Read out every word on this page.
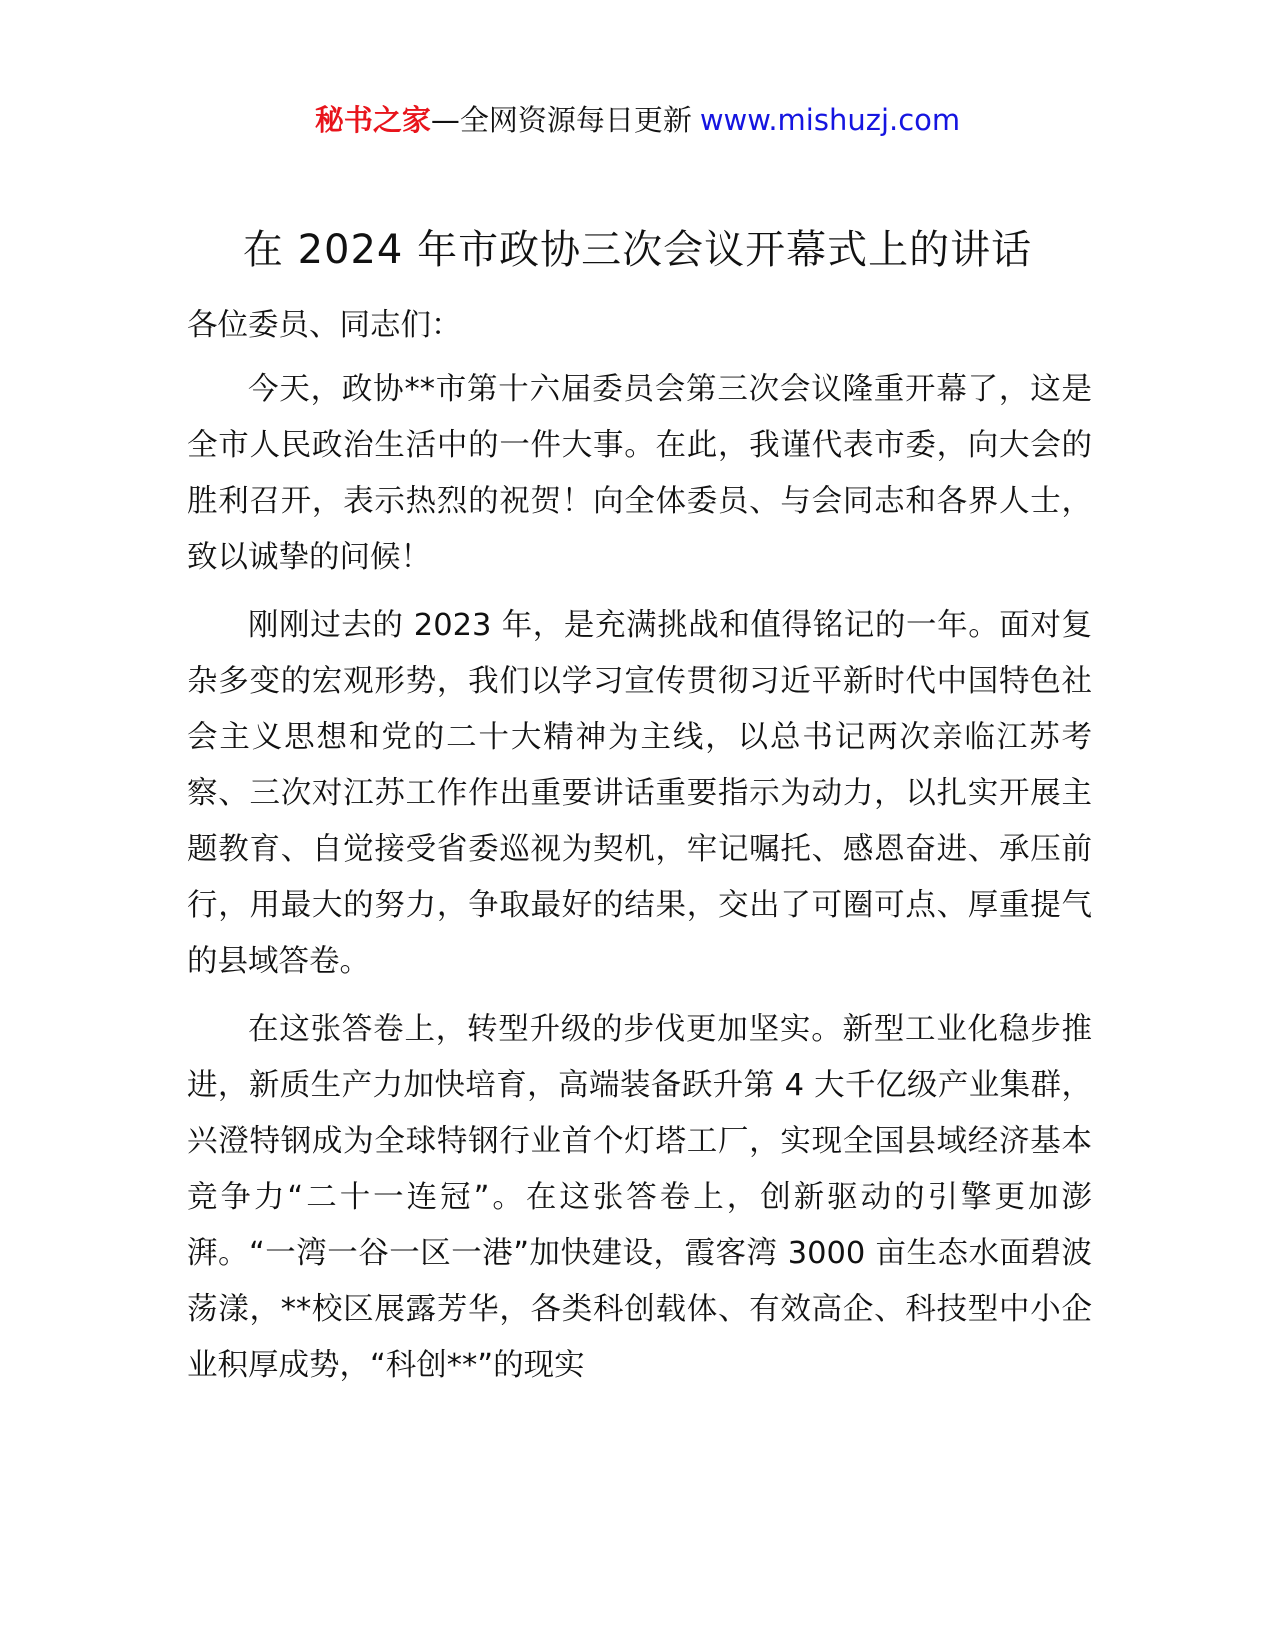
秘书之家—全网资源每日更新 www.mishuzj.com
在 2024 年市政协三次会议开幕式上的讲话

各位委员、同志们：

今天，政协**市第十六届委员会第三次会议隆重开幕了，这是全市人民政治生活中的一件大事。在此，我谨代表市委，向大会的胜利召开，表示热烈的祝贺！向全体委员、与会同志和各界人士，致以诚挚的问候！

刚刚过去的 2023 年，是充满挑战和值得铭记的一年。面对复杂多变的宏观形势，我们以学习宣传贯彻习近平新时代中国特色社会主义思想和党的二十大精神为主线，以总书记两次亲临江苏考察、三次对江苏工作作出重要讲话重要指示为动力，以扎实开展主题教育、自觉接受省委巡视为契机，牢记嘱托、感恩奋进、承压前行，用最大的努力，争取最好的结果，交出了可圈可点、厚重提气的县域答卷。

在这张答卷上，转型升级的步伐更加坚实。新型工业化稳步推进，新质生产力加快培育，高端装备跃升第 4 大千亿级产业集群，兴澄特钢成为全球特钢行业首个灯塔工厂，实现全国县域经济基本竞争力“二十一连冠”。在这张答卷上，创新驱动的引擎更加澎湃。“一湾一谷一区一港”加快建设，霞客湾 3000 亩生态水面碧波荡漾，**校区展露芳华，各类科创载体、有效高企、科技型中小企业积厚成势，“科创**”的现实
